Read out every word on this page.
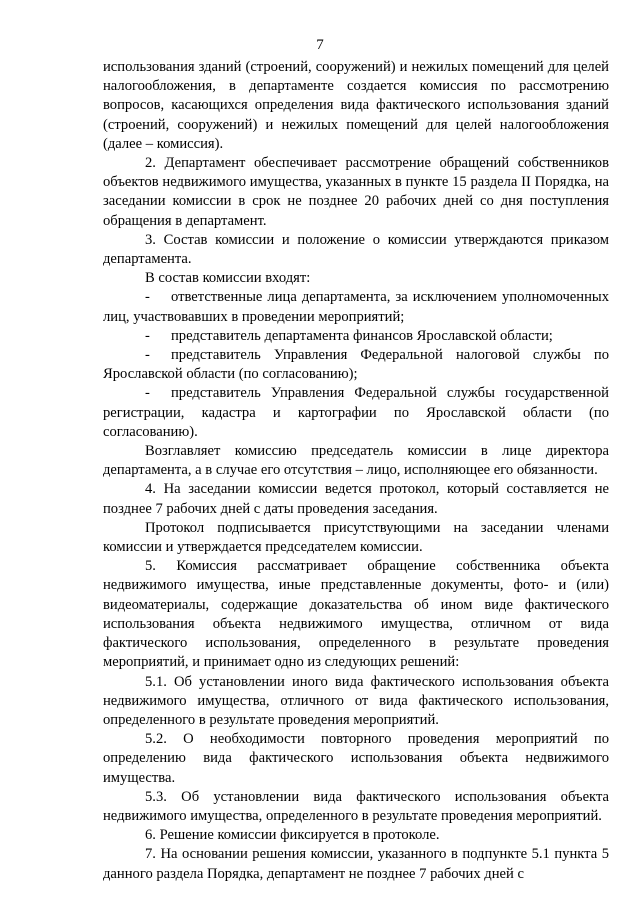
7

использования зданий (строений, сооружений) и нежилых помещений для целей налогообложения, в департаменте создается комиссия по рассмотрению вопросов, касающихся определения вида фактического использования зданий (строений, сооружений) и нежилых помещений для целей налогообложения (далее – комиссия).

2. Департамент обеспечивает рассмотрение обращений собственников объектов недвижимого имущества, указанных в пункте 15 раздела II Порядка, на заседании комиссии в срок не позднее 20 рабочих дней со дня поступления обращения в департамент.

3. Состав комиссии и положение о комиссии утверждаются приказом департамента.

В состав комиссии входят:

- ответственные лица департамента, за исключением уполномоченных лиц, участвовавших в проведении мероприятий;

- представитель департамента финансов Ярославской области;

- представитель Управления Федеральной налоговой службы по Ярославской области (по согласованию);

- представитель Управления Федеральной службы государственной регистрации, кадастра и картографии по Ярославской области (по согласованию).

Возглавляет комиссию председатель комиссии в лице директора департамента, а в случае его отсутствия – лицо, исполняющее его обязанности.

4. На заседании комиссии ведется протокол, который составляется не позднее 7 рабочих дней с даты проведения заседания.

Протокол подписывается присутствующими на заседании членами комиссии и утверждается председателем комиссии.

5. Комиссия рассматривает обращение собственника объекта недвижимого имущества, иные представленные документы, фото- и (или) видеоматериалы, содержащие доказательства об ином виде фактического использования объекта недвижимого имущества, отличном от вида фактического использования, определенного в результате проведения мероприятий, и принимает одно из следующих решений:

5.1. Об установлении иного вида фактического использования объекта недвижимого имущества, отличного от вида фактического использования, определенного в результате проведения мероприятий.

5.2. О необходимости повторного проведения мероприятий по определению вида фактического использования объекта недвижимого имущества.

5.3. Об установлении вида фактического использования объекта недвижимого имущества, определенного в результате проведения мероприятий.

6. Решение комиссии фиксируется в протоколе.

7. На основании решения комиссии, указанного в подпункте 5.1 пункта 5 данного раздела Порядка, департамент не позднее 7 рабочих дней с
